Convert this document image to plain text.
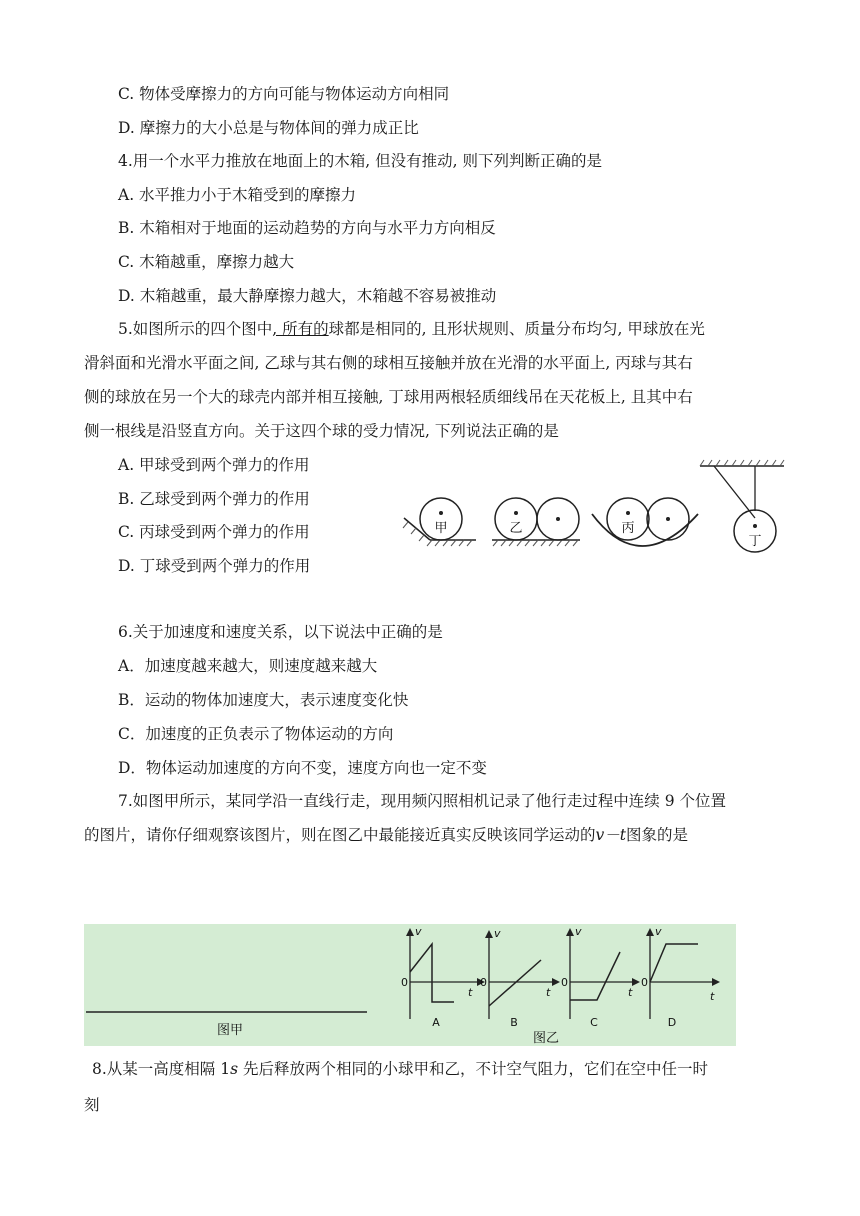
C. 物体受摩擦力的方向可能与物体运动方向相同
D. 摩擦力的大小总是与物体间的弹力成正比
4.用一个水平力推放在地面上的木箱, 但没有推动, 则下列判断正确的是
A. 水平推力小于木箱受到的摩擦力
B. 木箱相对于地面的运动趋势的方向与水平力方向相反
C. 木箱越重，摩擦力越大
D. 木箱越重，最大静摩擦力越大，木箱越不容易被推动
5.如图所示的四个图中, 所有的球都是相同的, 且形状规则、质量分布均匀, 甲球放在光
滑斜面和光滑水平面之间, 乙球与其右侧的球相互接触并放在光滑的水平面上, 丙球与其右
侧的球放在另一个大的球壳内部并相互接触, 丁球用两根轻质细线吊在天花板上, 且其中右
侧一根线是沿竖直方向。关于这四个球的受力情况, 下列说法正确的是
A. 甲球受到两个弹力的作用
B. 乙球受到两个弹力的作用
C. 丙球受到两个弹力的作用
D. 丁球受到两个弹力的作用
甲	乙	丙
丁
6.关于加速度和速度关系，以下说法中正确的是
A．加速度越来越大，则速度越来越大
B．运动的物体加速度大，表示速度变化快
C．加速度的正负表示了物体运动的方向
D．物体运动加速度的方向不变，速度方向也一定不变
7.如图甲所示，某同学沿一直线行走，现用频闪照相机记录了他行走过程中连续 9 个位置
的图片，请你仔细观察该图片，则在图乙中最能接近真实反映该同学运动的v－t图象的是
图甲
v
t
0
A
v
t
0
B
v
t
0
C
v
t
0
D
图乙
8.从某一高度相隔 1s 先后释放两个相同的小球甲和乙，不计空气阻力，它们在空中任一时
刻
